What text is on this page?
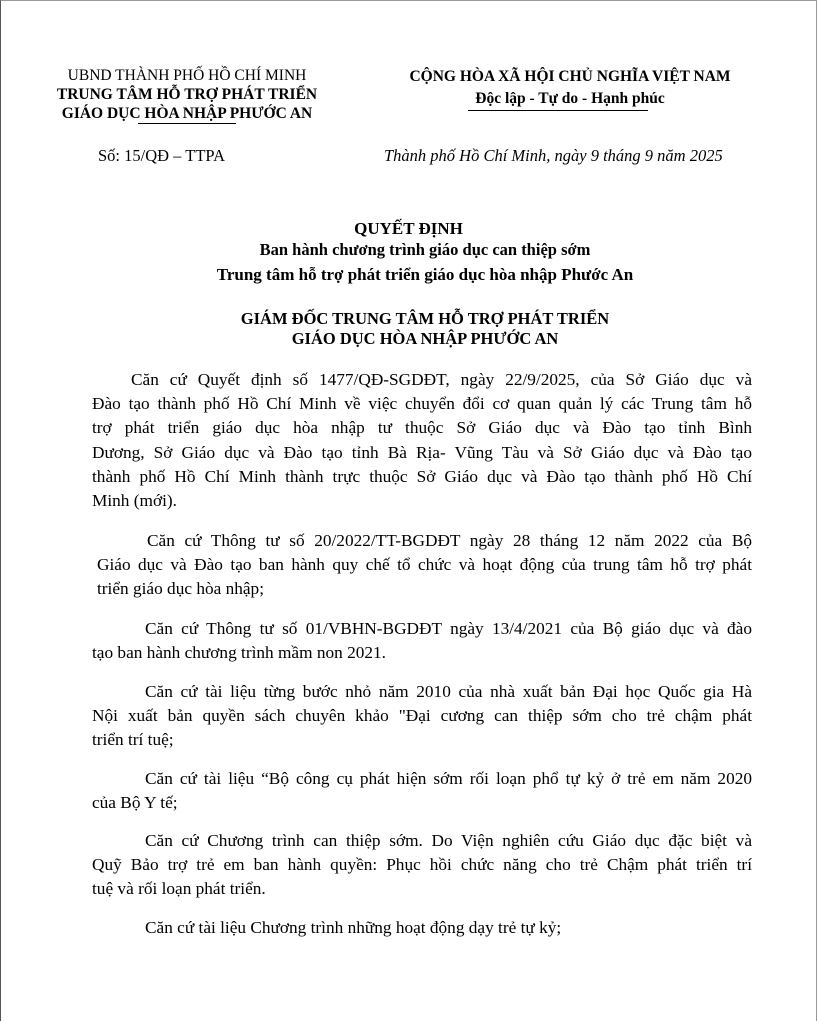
UBND THÀNH PHỐ HỒ CHÍ MINH
TRUNG TÂM HỖ TRỢ PHÁT TRIỂN
GIÁO DỤC HÒA NHẬP PHƯỚC AN
CỘNG HÒA XÃ HỘI CHỦ NGHĨA VIỆT NAM
Độc lập - Tự do - Hạnh phúc
Số: 15/QĐ – TTPA	Thành phố Hồ Chí Minh, ngày 9 tháng 9 năm 2025
QUYẾT ĐỊNH
Ban hành chương trình giáo dục can thiệp sớm
Trung tâm hỗ trợ phát triển giáo dục hòa nhập Phước An
GIÁM ĐỐC TRUNG TÂM HỖ TRỢ PHÁT TRIỂN
GIÁO DỤC HÒA NHẬP PHƯỚC AN
Căn cứ Quyết định số 1477/QĐ-SGDĐT, ngày 22/9/2025, của Sở Giáo dục và
Đào tạo thành phố Hồ Chí Minh về việc chuyển đổi cơ quan quản lý các Trung tâm hỗ
trợ phát triển giáo dục hòa nhập tư thuộc Sở Giáo dục và Đào tạo tỉnh Bình
Dương, Sở Giáo dục và Đào tạo tỉnh Bà Rịa- Vũng Tàu và Sở Giáo dục và Đào tạo
thành phố Hồ Chí Minh thành trực thuộc Sở Giáo dục và Đào tạo thành phố Hồ Chí
Minh (mới).
Căn cứ Thông tư số 20/2022/TT-BGDĐT ngày 28 tháng 12 năm 2022 của Bộ
Giáo dục và Đào tạo ban hành quy chế tổ chức và hoạt động của trung tâm hỗ trợ phát
triển giáo dục hòa nhập;
Căn cứ Thông tư số 01/VBHN-BGDĐT ngày 13/4/2021 của Bộ giáo dục và đào
tạo ban hành chương trình mầm non 2021.
Căn cứ tài liệu từng bước nhỏ năm 2010 của nhà xuất bản Đại học Quốc gia Hà
Nội xuất bản quyền sách chuyên khảo "Đại cương can thiệp sớm cho trẻ chậm phát
triển trí tuệ;
Căn cứ tài liệu “Bộ công cụ phát hiện sớm rối loạn phổ tự kỷ ở trẻ em năm 2020
của Bộ Y tế;
Căn cứ Chương trình can thiệp sớm. Do Viện nghiên cứu Giáo dục đặc biệt và
Quỹ Bảo trợ trẻ em ban hành quyền: Phục hồi chức năng cho trẻ Chậm phát triển trí
tuệ và rối loạn phát triển.
Căn cứ tài liệu Chương trình những hoạt động dạy trẻ tự kỷ;
